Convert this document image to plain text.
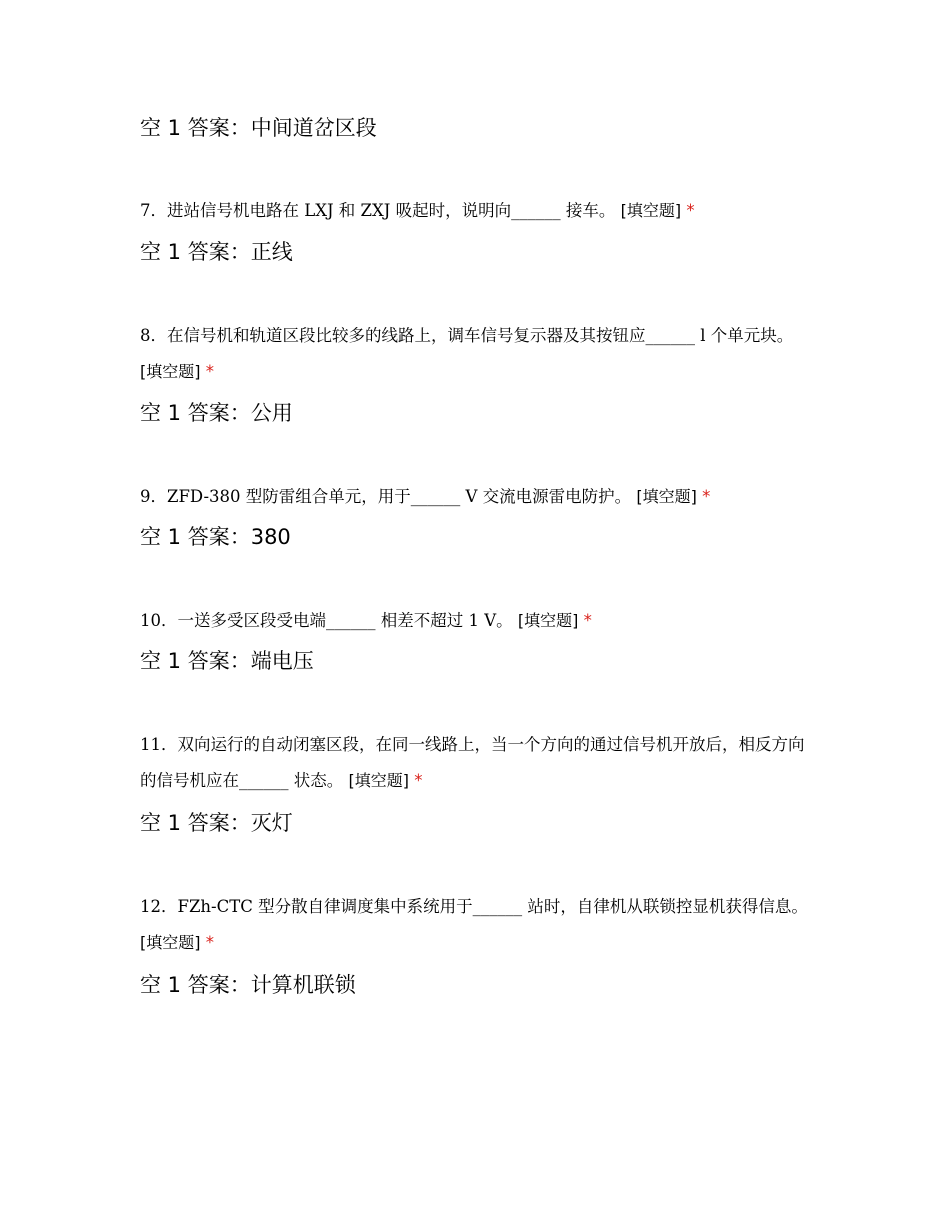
空 1 答案：中间道岔区段
7．进站信号机电路在 LXJ 和 ZXJ 吸起时，说明向______ 接车。 [填空题] *
空 1 答案：正线
8．在信号机和轨道区段比较多的线路上，调车信号复示器及其按钮应______ l 个单元块。 [填空题] *
空 1 答案：公用
9．ZFD-380 型防雷组合单元，用于______ V 交流电源雷电防护。 [填空题] *
空 1 答案：380
10．一送多受区段受电端______ 相差不超过 1 V。 [填空题] *
空 1 答案：端电压
11．双向运行的自动闭塞区段，在同一线路上，当一个方向的通过信号机开放后，相反方向的信号机应在______ 状态。 [填空题] *
空 1 答案：灭灯
12．FZh-CTC 型分散自律调度集中系统用于______ 站时，自律机从联锁控显机获得信息。 [填空题] *
空 1 答案：计算机联锁
